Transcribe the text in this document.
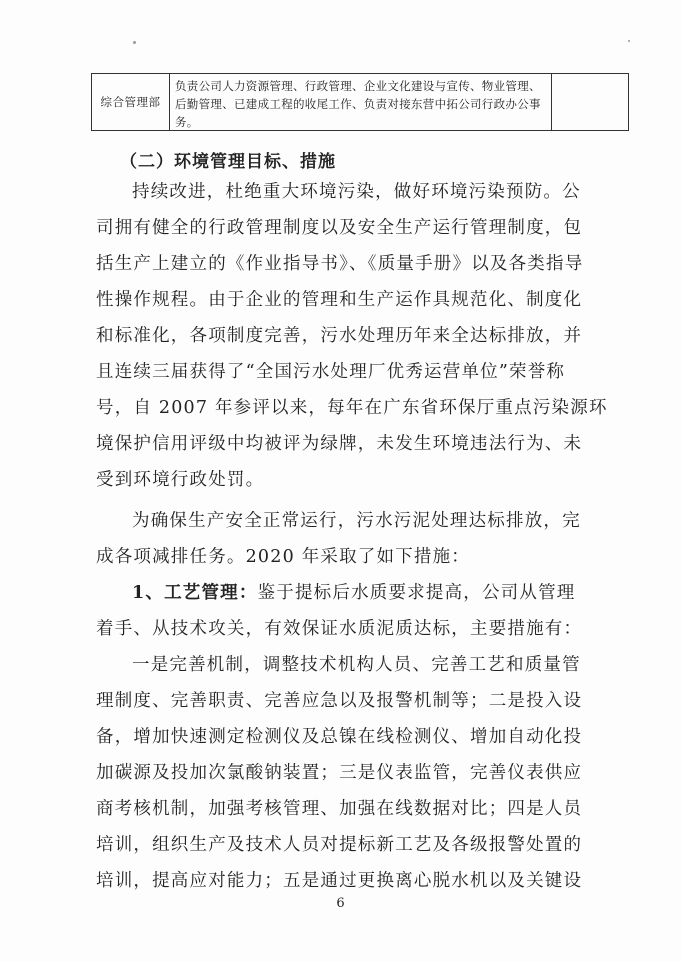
综合管理部
负责公司人力资源管理、行政管理、企业文化建设与宣传、物业管理、
后勤管理、已建成工程的收尾工作、负责对接东营中拓公司行政办公事
务。
（二）环境管理目标、措施
持续改进，杜绝重大环境污染，做好环境污染预防。公
司拥有健全的行政管理制度以及安全生产运行管理制度，包
括生产上建立的《作业指导书》、《质量手册》以及各类指导
性操作规程。由于企业的管理和生产运作具规范化、制度化
和标准化，各项制度完善，污水处理历年来全达标排放，并
且连续三届获得了“全国污水处理厂优秀运营单位”荣誉称
号，自 2007 年参评以来，每年在广东省环保厅重点污染源环
境保护信用评级中均被评为绿牌，未发生环境违法行为、未
受到环境行政处罚。
为确保生产安全正常运行，污水污泥处理达标排放，完
成各项减排任务。2020 年采取了如下措施：
1、工艺管理：鉴于提标后水质要求提高，公司从管理
着手、从技术攻关，有效保证水质泥质达标，主要措施有：
一是完善机制，调整技术机构人员、完善工艺和质量管
理制度、完善职责、完善应急以及报警机制等；二是投入设
备，增加快速测定检测仪及总镍在线检测仪、增加自动化投
加碳源及投加次氯酸钠装置；三是仪表监管，完善仪表供应
商考核机制，加强考核管理、加强在线数据对比；四是人员
培训，组织生产及技术人员对提标新工艺及各级报警处置的
培训，提高应对能力；五是通过更换离心脱水机以及关键设
6
